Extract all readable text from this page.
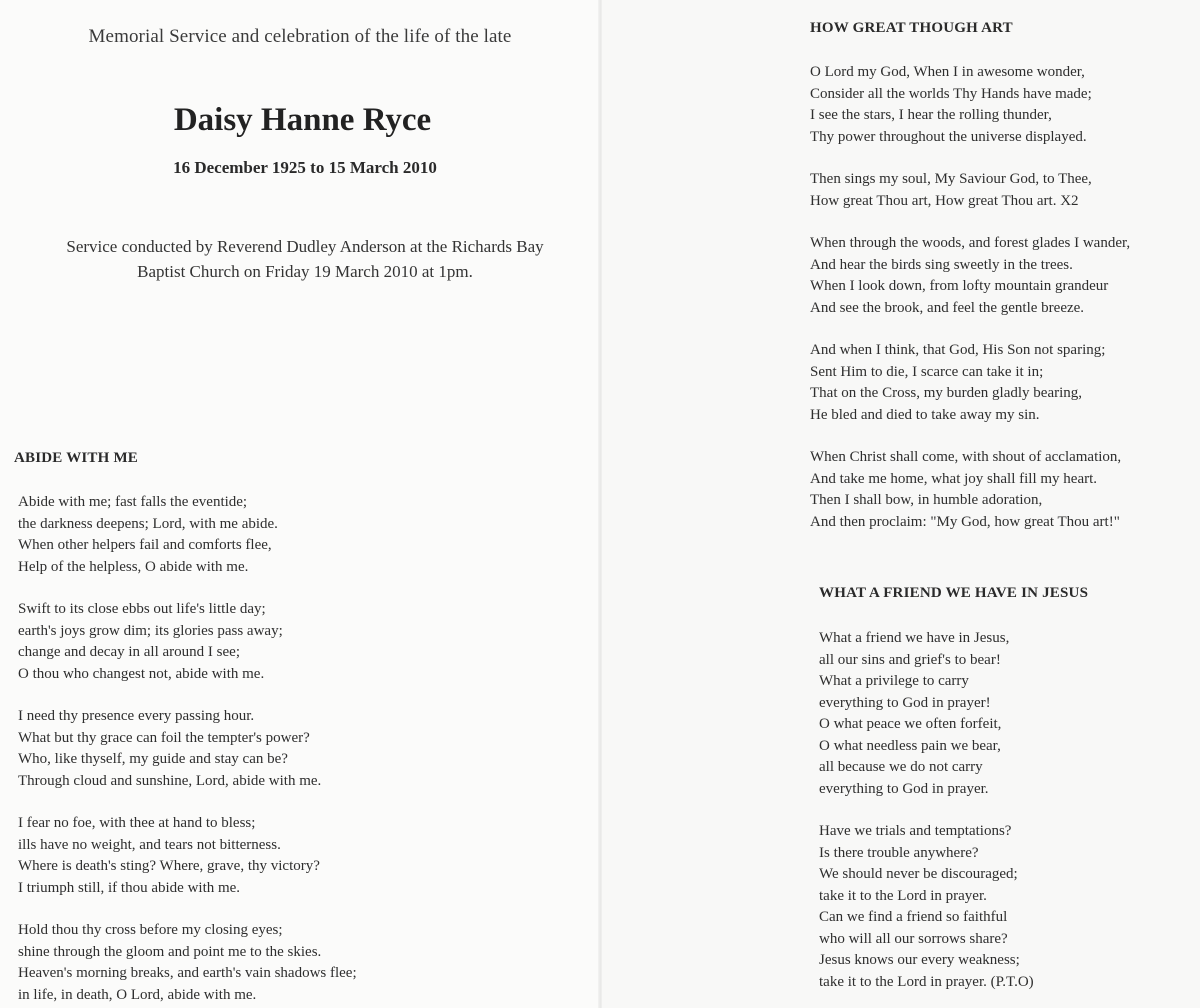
Memorial Service and celebration of the life of the late
Daisy Hanne Ryce
16 December 1925 to 15 March 2010
Service conducted by Reverend Dudley Anderson at the Richards Bay
Baptist Church on Friday 19 March 2010 at 1pm.
ABIDE WITH ME
Abide with me; fast falls the eventide;
the darkness deepens; Lord, with me abide.
When other helpers fail and comforts flee,
Help of the helpless, O abide with me.
Swift to its close ebbs out life's little day;
earth's joys grow dim; its glories pass away;
change and decay in all around I see;
O thou who changest not, abide with me.
I need thy presence every passing hour.
What but thy grace can foil the tempter's power?
Who, like thyself, my guide and stay can be?
Through cloud and sunshine, Lord, abide with me.
I fear no foe, with thee at hand to bless;
ills have no weight, and tears not bitterness.
Where is death's sting? Where, grave, thy victory?
I triumph still, if thou abide with me.
Hold thou thy cross before my closing eyes;
shine through the gloom and point me to the skies.
Heaven's morning breaks, and earth's vain shadows flee;
in life, in death, O Lord, abide with me.
HOW GREAT THOUGH ART
O Lord my God, When I in awesome wonder,
Consider all the worlds Thy Hands have made;
I see the stars, I hear the rolling thunder,
Thy power throughout the universe displayed.
Then sings my soul, My Saviour God, to Thee,
How great Thou art, How great Thou art. X2
When through the woods, and forest glades I wander,
And hear the birds sing sweetly in the trees.
When I look down, from lofty mountain grandeur
And see the brook, and feel the gentle breeze.
And when I think, that God, His Son not sparing;
Sent Him to die, I scarce can take it in;
That on the Cross, my burden gladly bearing,
He bled and died to take away my sin.
When Christ shall come, with shout of acclamation,
And take me home, what joy shall fill my heart.
Then I shall bow, in humble adoration,
And then proclaim: "My God, how great Thou art!"
WHAT A FRIEND WE HAVE IN JESUS
What a friend we have in Jesus,
all our sins and grief's to bear!
What a privilege to carry
everything to God in prayer!
O what peace we often forfeit,
O what needless pain we bear,
all because we do not carry
everything to God in prayer.
Have we trials and temptations?
Is there trouble anywhere?
We should never be discouraged;
take it to the Lord in prayer.
Can we find a friend so faithful
who will all our sorrows share?
Jesus knows our every weakness;
take it to the Lord in prayer. (P.T.O)
